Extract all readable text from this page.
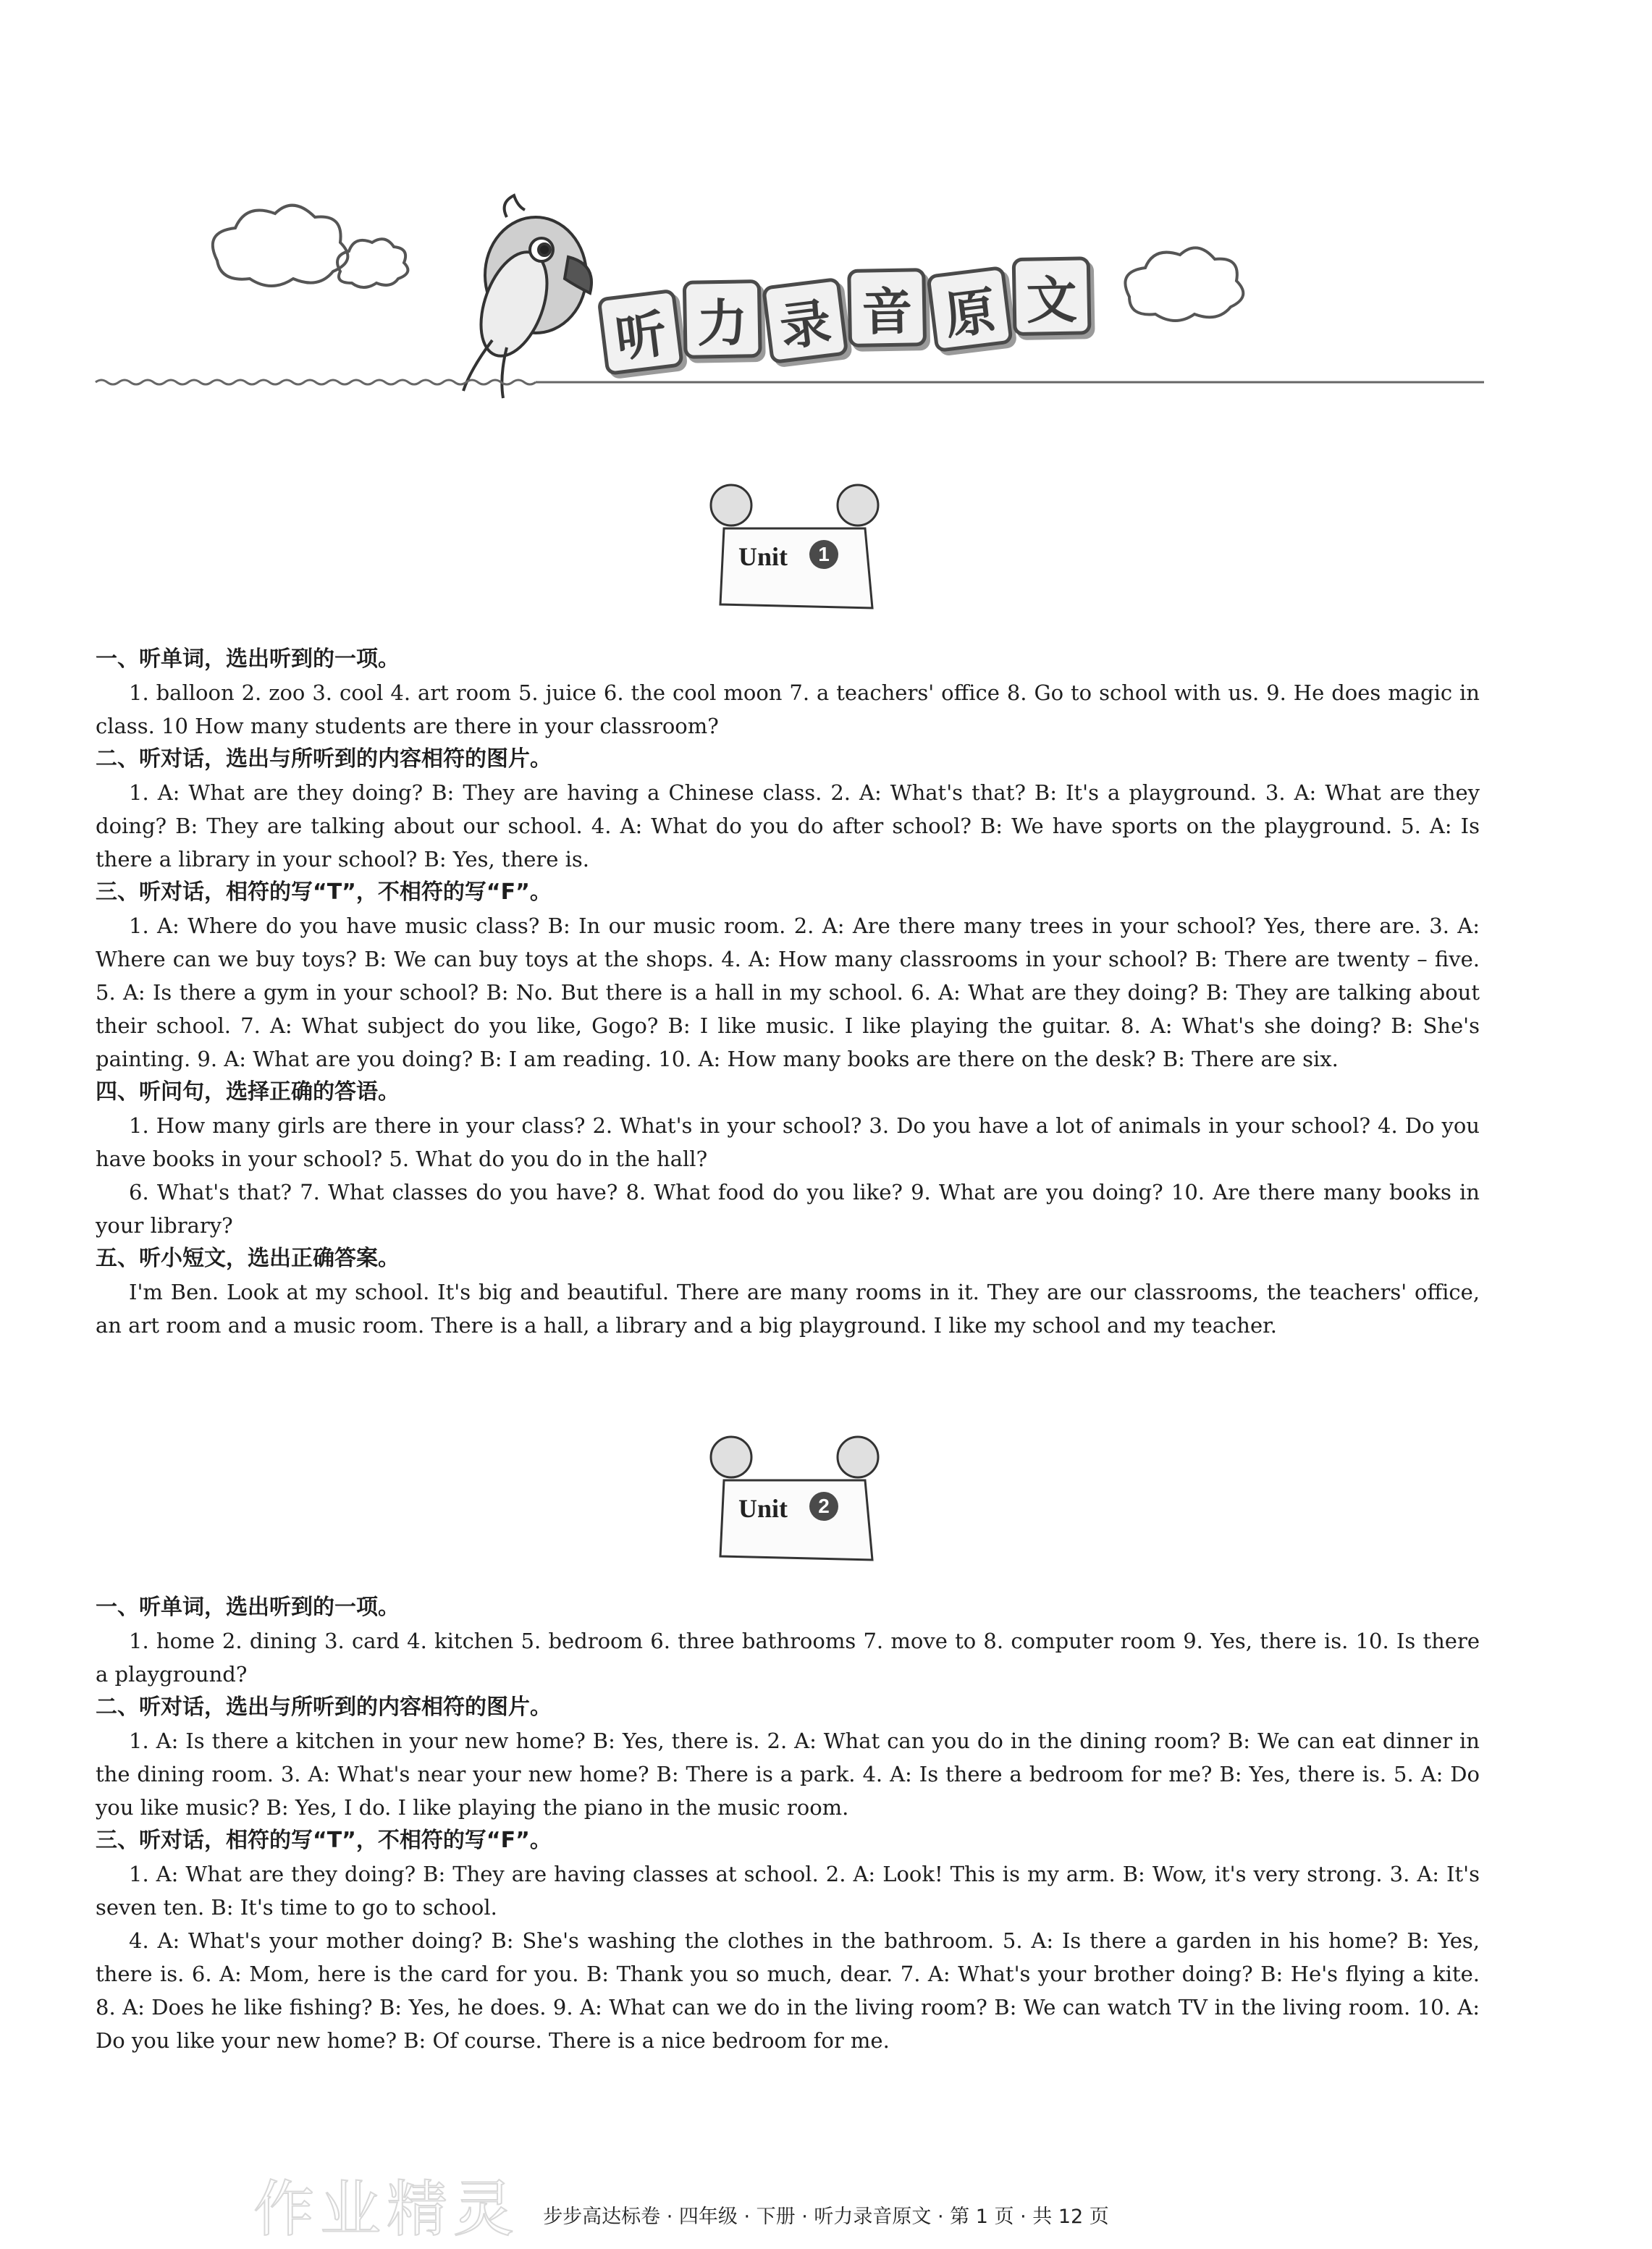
听 力 录 音 原 文
Unit	1

一、听单词，选出听到的一项。

1. balloon 2. zoo 3. cool 4. art room 5. juice 6. the cool moon 7. a teachers' office 8. Go to school with us. 9. He does magic in class. 10 How many students are there in your classroom?

二、听对话，选出与所听到的内容相符的图片。

1. A: What are they doing? B: They are having a Chinese class. 2. A: What's that? B: It's a playground. 3. A: What are they doing? B: They are talking about our school. 4. A: What do you do after school? B: We have sports on the playground. 5. A: Is there a library in your school? B: Yes, there is.

三、听对话，相符的写“T”，不相符的写“F”。

1. A: Where do you have music class? B: In our music room. 2. A: Are there many trees in your school? Yes, there are. 3. A: Where can we buy toys? B: We can buy toys at the shops. 4. A: How many classrooms in your school? B: There are twenty – five. 5. A: Is there a gym in your school? B: No. But there is a hall in my school. 6. A: What are they doing? B: They are talking about their school. 7. A: What subject do you like, Gogo? B: I like music. I like playing the guitar. 8. A: What's she doing? B: She's painting. 9. A: What are you doing? B: I am reading. 10. A: How many books are there on the desk? B: There are six.

四、听问句，选择正确的答语。

1. How many girls are there in your class? 2. What's in your school? 3. Do you have a lot of animals in your school? 4. Do you have books in your school? 5. What do you do in the hall?

6. What's that? 7. What classes do you have? 8. What food do you like? 9. What are you doing? 10. Are there many books in your library?

五、听小短文，选出正确答案。

I'm Ben. Look at my school. It's big and beautiful. There are many rooms in it. They are our classrooms, the teachers' office, an art room and a music room. There is a hall, a library and a big playground. I like my school and my teacher.

Unit	2

一、听单词，选出听到的一项。

1. home 2. dining 3. card 4. kitchen 5. bedroom 6. three bathrooms 7. move to 8. computer room 9. Yes, there is. 10. Is there a playground?

二、听对话，选出与所听到的内容相符的图片。

1. A: Is there a kitchen in your new home? B: Yes, there is. 2. A: What can you do in the dining room? B: We can eat dinner in the dining room. 3. A: What's near your new home? B: There is a park. 4. A: Is there a bedroom for me? B: Yes, there is. 5. A: Do you like music? B: Yes, I do. I like playing the piano in the music room.

三、听对话，相符的写“T”，不相符的写“F”。

1. A: What are they doing? B: They are having classes at school. 2. A: Look! This is my arm. B: Wow, it's very strong. 3. A: It's seven ten. B: It's time to go to school.

4. A: What's your mother doing? B: She's washing the clothes in the bathroom. 5. A: Is there a garden in his home? B: Yes, there is. 6. A: Mom, here is the card for you. B: Thank you so much, dear. 7. A: What's your brother doing? B: He's flying a kite. 8. A: Does he like fishing? B: Yes, he does. 9. A: What can we do in the living room? B: We can watch TV in the living room. 10. A: Do you like your new home? B: Of course. There is a nice bedroom for me.

作业精灵	步步高达标卷 · 四年级 · 下册 · 听力录音原文 · 第 1 页 · 共 12 页
